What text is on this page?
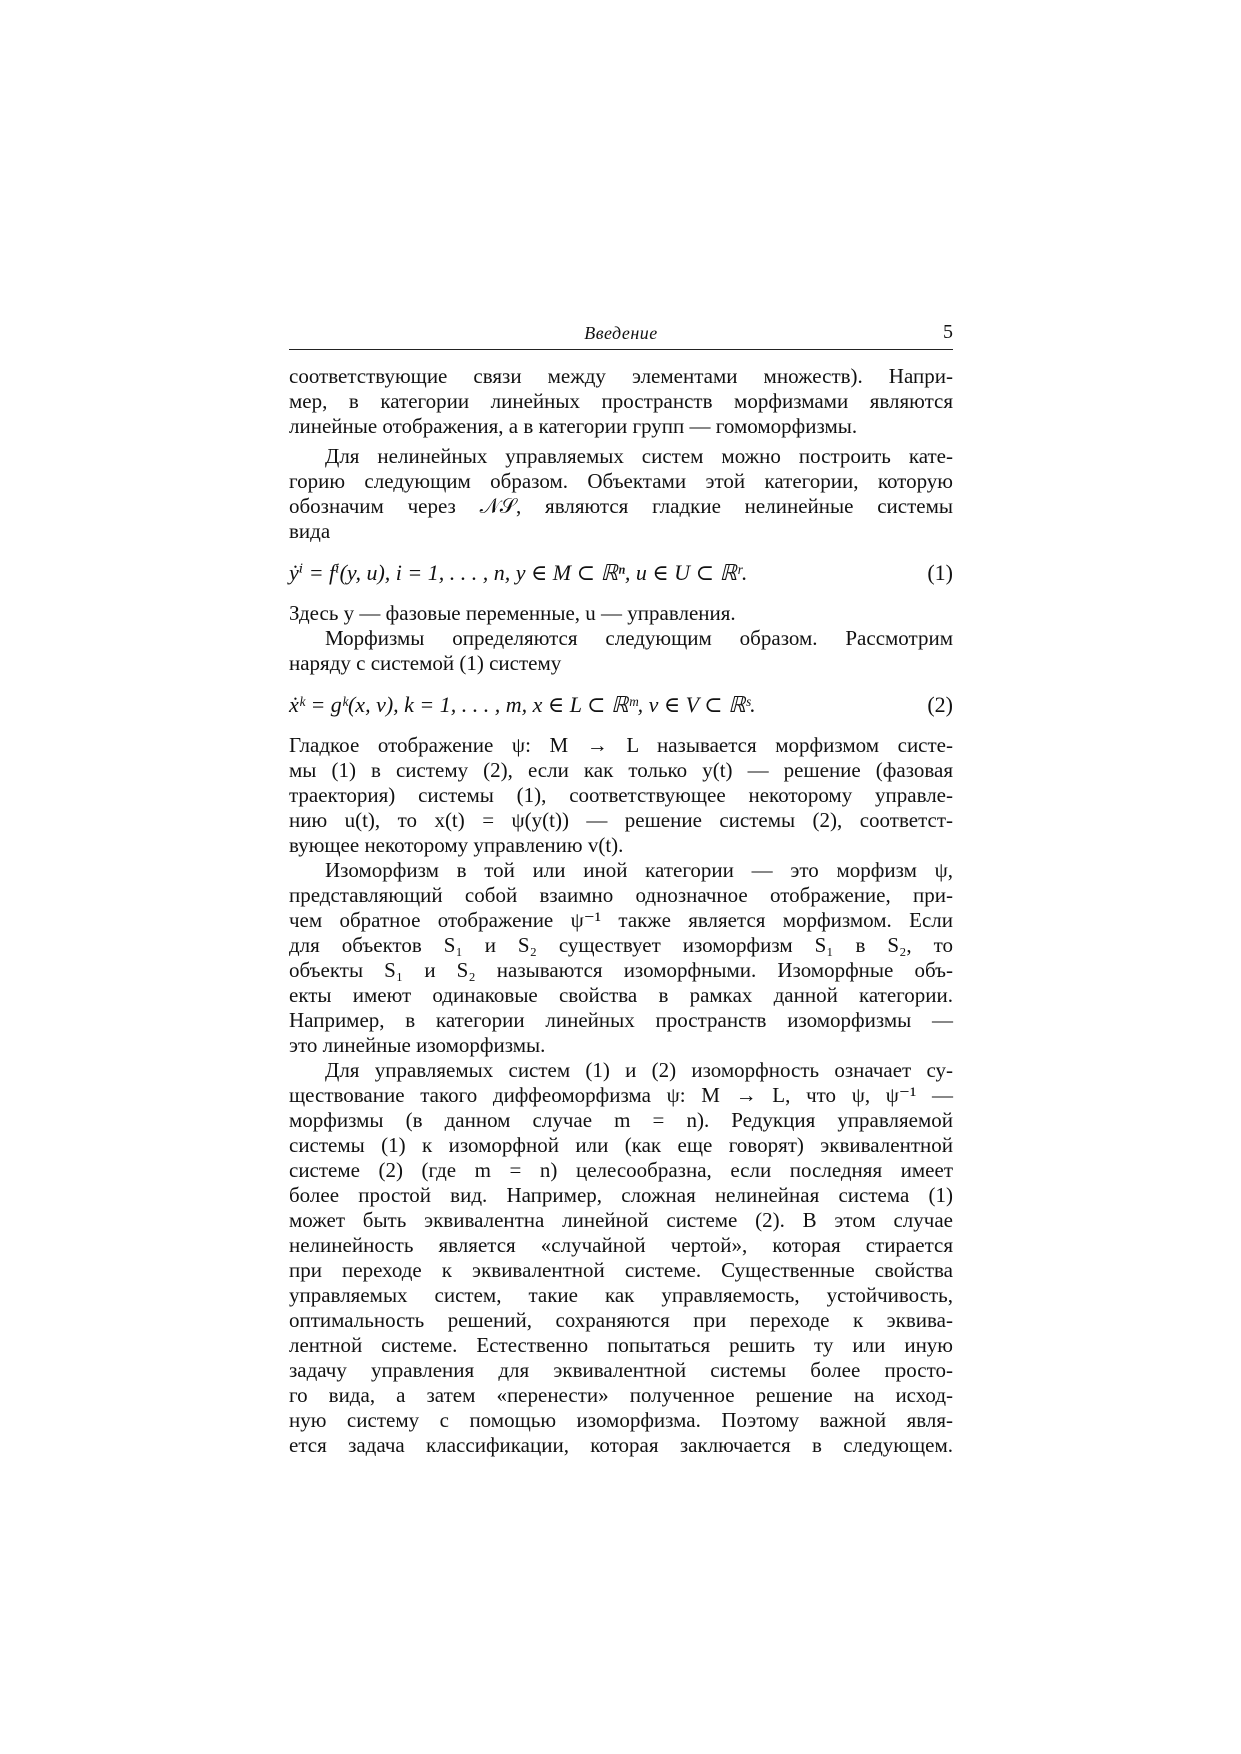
Введение	5
соответствующие связи между элементами множеств). Напри-
мер, в категории линейных пространств морфизмами являются
линейные отображения, а в категории групп — гомоморфизмы.
Для нелинейных управляемых систем можно построить кате-
горию следующим образом. Объектами этой категории, которую
обозначим через 𝒩𝒮, являются гладкие нелинейные системы
вида
ẏⁱ = fⁱ(y, u), i = 1, . . . , n, y ∈ M ⊂ ℝⁿ, u ∈ U ⊂ ℝʳ.	(1)
Здесь y — фазовые переменные, u — управления.
Морфизмы определяются следующим образом. Рассмотрим
наряду с системой (1) систему
ẋᵏ = gᵏ(x, v), k = 1, . . . , m, x ∈ L ⊂ ℝᵐ, v ∈ V ⊂ ℝˢ.	(2)
Гладкое отображение ψ: M → L называется морфизмом систе-
мы (1) в систему (2), если как только y(t) — решение (фазовая
траектория) системы (1), соответствующее некоторому управле-
нию u(t), то x(t) = ψ(y(t)) — решение системы (2), соответст-
вующее некоторому управлению v(t).
Изоморфизм в той или иной категории — это морфизм ψ,
представляющий собой взаимно однозначное отображение, при-
чем обратное отображение ψ⁻¹ также является морфизмом. Если
для объектов S₁ и S₂ существует изоморфизм S₁ в S₂, то
объекты S₁ и S₂ называются изоморфными. Изоморфные объ-
екты имеют одинаковые свойства в рамках данной категории.
Например, в категории линейных пространств изоморфизмы —
это линейные изоморфизмы.
Для управляемых систем (1) и (2) изоморфность означает су-
ществование такого диффеоморфизма ψ: M → L, что ψ, ψ⁻¹ —
морфизмы (в данном случае m = n). Редукция управляемой
системы (1) к изоморфной или (как еще говорят) эквивалентной
системе (2) (где m = n) целесообразна, если последняя имеет
более простой вид. Например, сложная нелинейная система (1)
может быть эквивалентна линейной системе (2). В этом случае
нелинейность является «случайной чертой», которая стирается
при переходе к эквивалентной системе. Существенные свойства
управляемых систем, такие как управляемость, устойчивость,
оптимальность решений, сохраняются при переходе к эквива-
лентной системе. Естественно попытаться решить ту или иную
задачу управления для эквивалентной системы более просто-
го вида, а затем «перенести» полученное решение на исход-
ную систему с помощью изоморфизма. Поэтому важной явля-
ется задача классификации, которая заключается в следующем.
